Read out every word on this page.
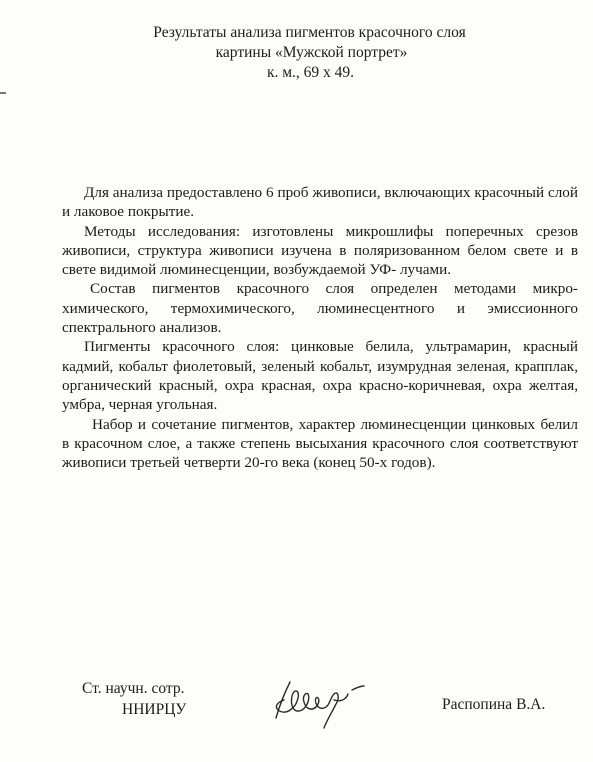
Результаты анализа пигментов красочного слоя
картины «Мужской портрет»
к. м., 69 х 49.

Для анализа предоставлено 6 проб живописи, включающих красочный слой и лаковое покрытие.

Методы исследования: изготовлены микрошлифы поперечных срезов живописи, структура живописи изучена в поляризованном белом свете и в свете видимой люминесценции, возбуждаемой УФ- лучами.

Состав пигментов красочного слоя определен методами микро-химического, термохимического, люминесцентного и эмиссионного спектрального анализов.

Пигменты красочного слоя: цинковые белила, ультрамарин, красный кадмий, кобальт фиолетовый, зеленый кобальт, изумрудная зеленая, крапплак, органический красный, охра красная, охра красно-коричневая, охра желтая, умбра, черная угольная.

Набор и сочетание пигментов, характер люминесценции цинковых белил в красочном слое, а также степень высыхания красочного слоя соответствуют живописи третьей четверти 20-го века (конец 50-х годов).

Ст. научн. сотр.
НHИРЦУ	Распопина В.А.
